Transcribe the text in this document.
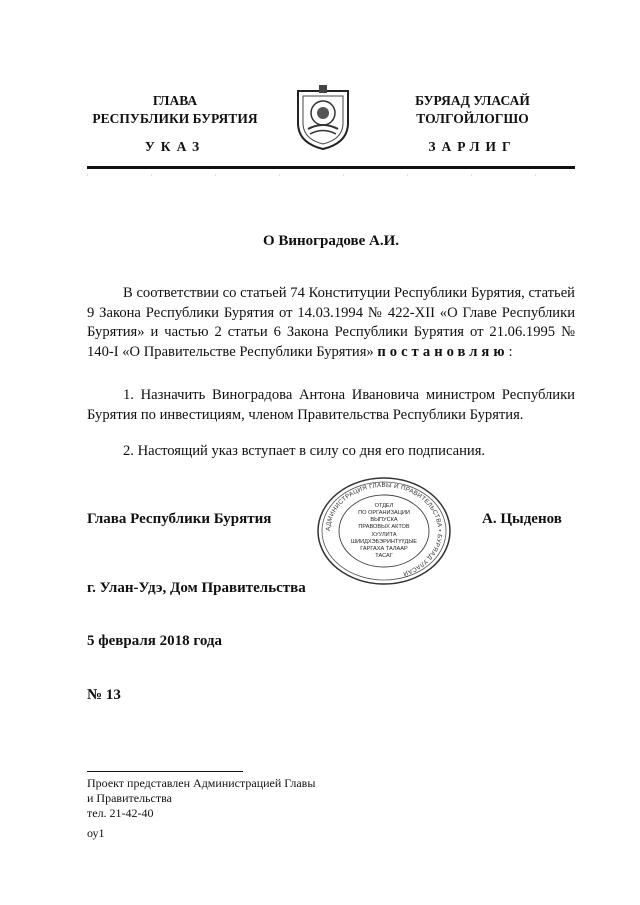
ГЛАВА
РЕСПУБЛИКИ БУРЯТИЯ
БУРЯАД УЛАСАЙ
ТОЛГОЙЛОГШО
УКАЗ	ЗАРЛИГ
О Виноградове А.И.
В соответствии со статьей 74 Конституции Республики Бурятия, статьей 9 Закона Республики Бурятия от 14.03.1994 № 422-XII «О Главе Республики Бурятия» и частью 2 статьи 6 Закона Республики Бурятия от 21.06.1995 № 140-I «О Правительстве Республики Бурятия» постановляю:
1. Назначить Виноградова Антона Ивановича министром Республики Бурятия по инвестициям, членом Правительства Республики Бурятия.
2. Настоящий указ вступает в силу со дня его подписания.
Глава Республики Бурятия	А. Цыденов
АДМИНИСТРАЦИЯ ГЛАВЫ И ПРАВИТЕЛЬСТВА • БУРЯАД УЛАСАЙ
ОТДЕЛ
ПО ОРГАНИЗАЦИИ
ВЫПУСКА
ПРАВОВЫХ АКТОВ
ХУУЛИТА
ШИИДХЭБЭРИНТҮҮДЫЕ
ГАРГАХА ТАЛААР
ТАСАГ
г. Улан-Удэ, Дом Правительства
5 февраля 2018 года
№ 13
Проект представлен Администрацией Главы
и Правительства
тел. 21-42-40
оу1
